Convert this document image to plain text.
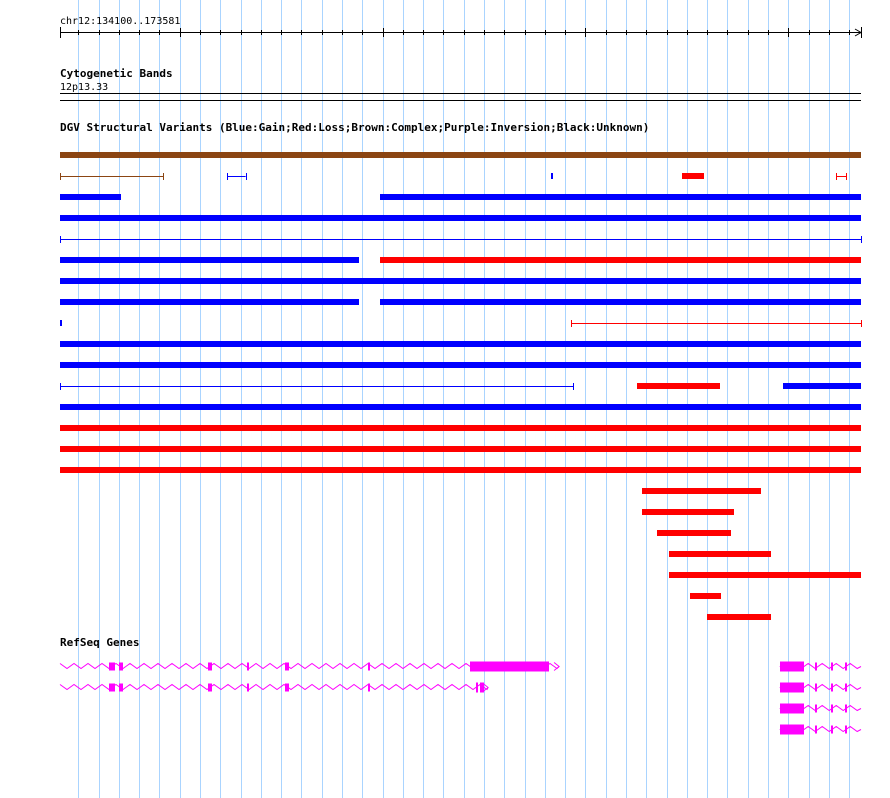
chr12:134100..173581
Cytogenetic Bands
12p13.33
DGV Structural Variants (Blue:Gain;Red:Loss;Brown:Complex;Purple:Inversion;Black:Unknown)
RefSeq Genes
